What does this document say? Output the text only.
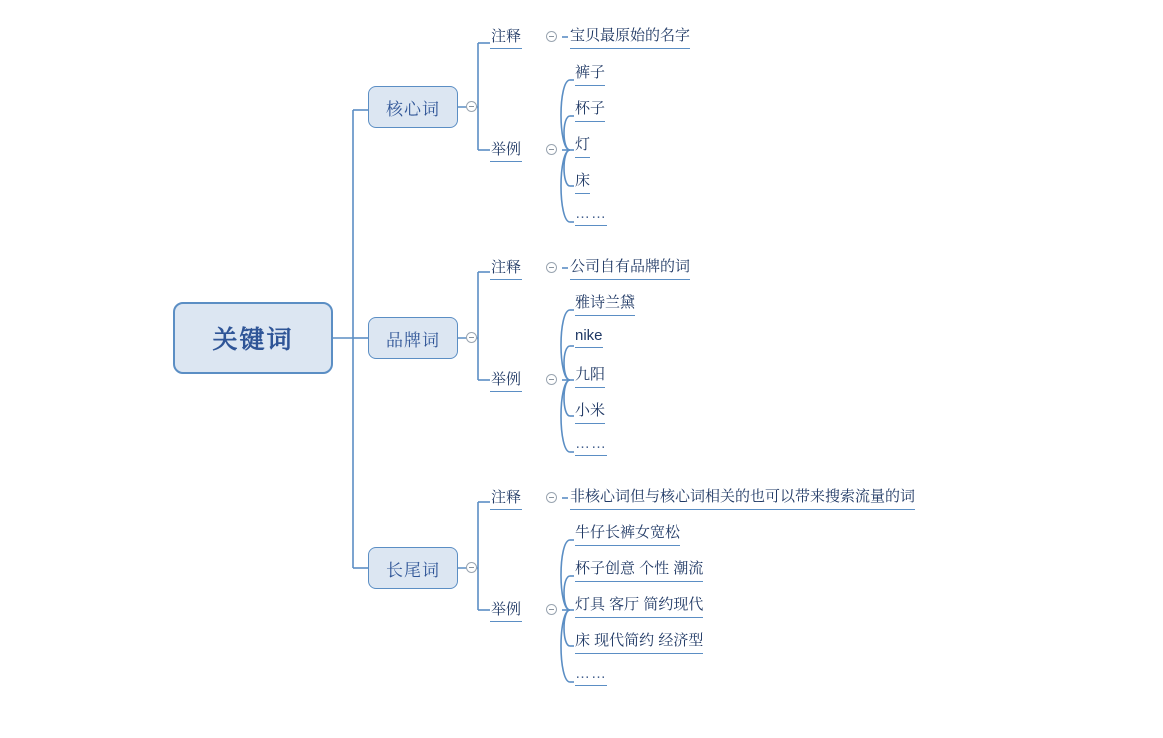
关键词
核心词
品牌词
长尾词
注释	宝贝最原始的名字
举例
裤子
杯子
灯
床
……
注释	公司自有品牌的词
举例
雅诗兰黛
nike
九阳
小米
……
注释	非核心词但与核心词相关的也可以带来搜索流量的词
举例
牛仔长裤女宽松
杯子创意 个性 潮流
灯具 客厅 简约现代
床 现代简约 经济型
……
